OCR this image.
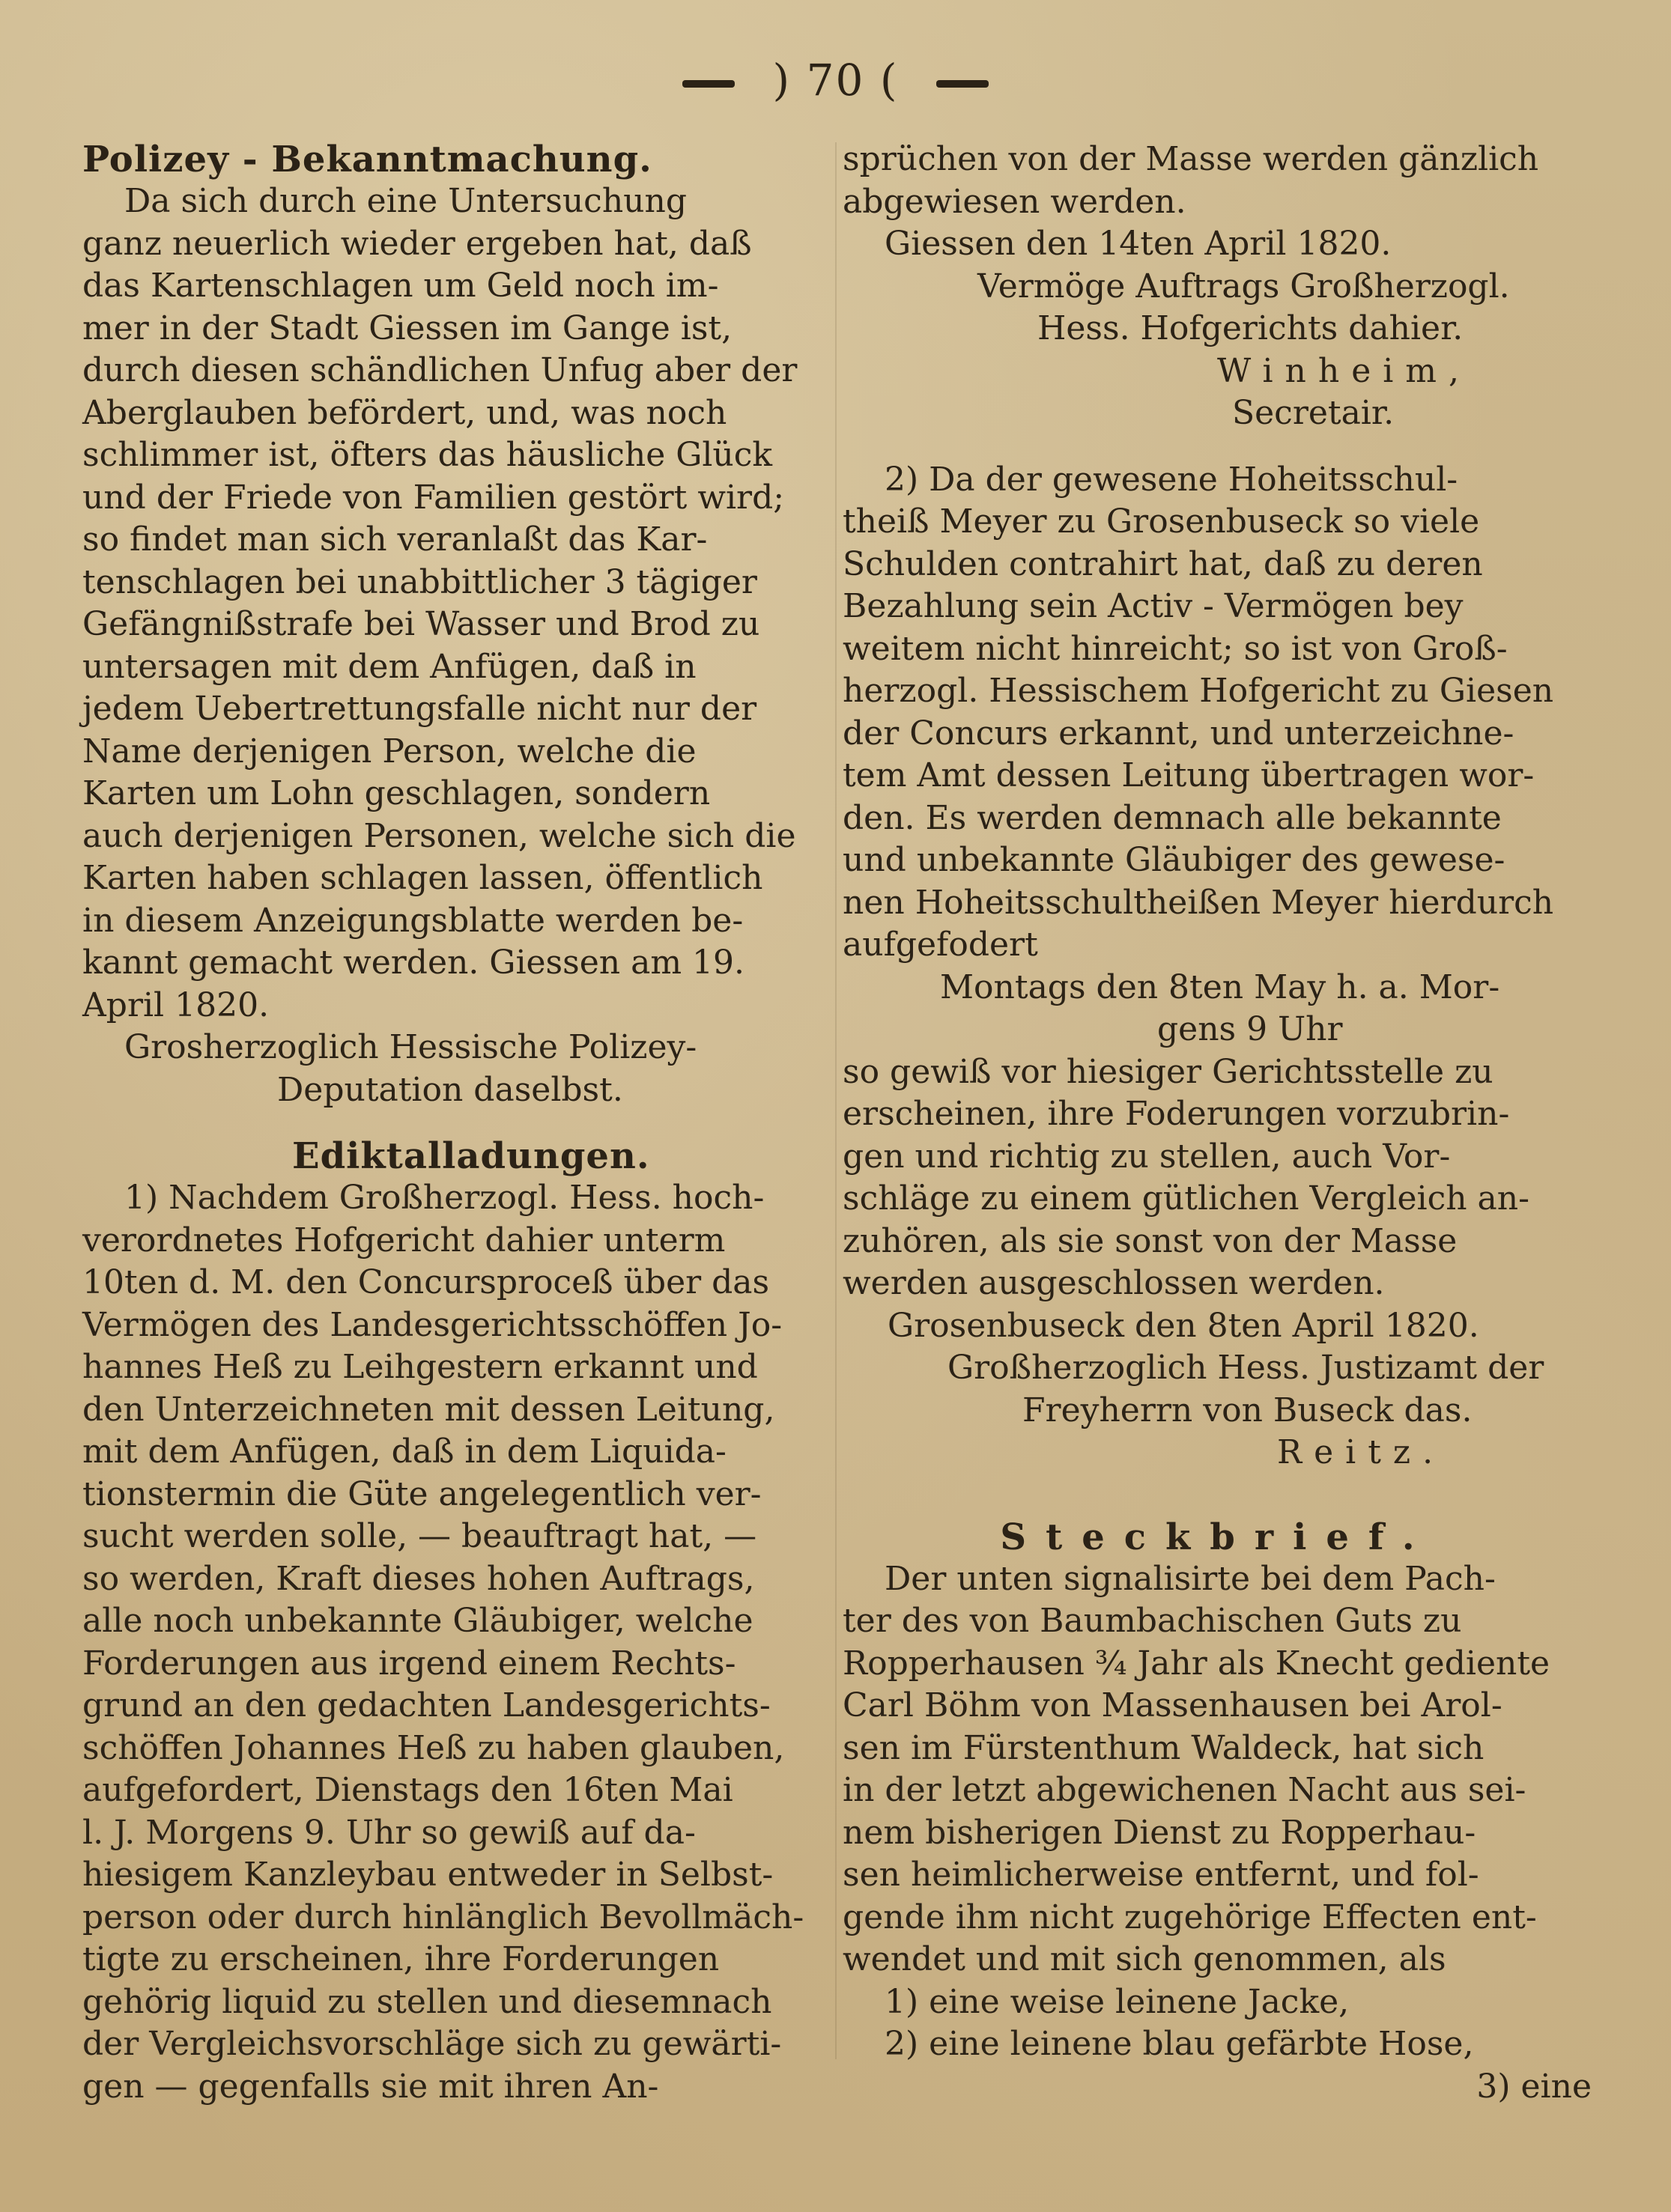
) 70 (
Polizey - Bekanntmachung.
Da sich durch eine Untersuchung
ganz neuerlich wieder ergeben hat, daß
das Kartenschlagen um Geld noch im-
mer in der Stadt Giessen im Gange ist,
durch diesen schändlichen Unfug aber der
Aberglauben befördert, und, was noch
schlimmer ist, öfters das häusliche Glück
und der Friede von Familien gestört wird;
so findet man sich veranlaßt das Kar-
tenschlagen bei unabbittlicher 3 tägiger
Gefängnißstrafe bei Wasser und Brod zu
untersagen mit dem Anfügen, daß in
jedem Uebertrettungsfalle nicht nur der
Name derjenigen Person, welche die
Karten um Lohn geschlagen, sondern
auch derjenigen Personen, welche sich die
Karten haben schlagen lassen, öffentlich
in diesem Anzeigungsblatte werden be-
kannt gemacht werden. Giessen am 19.
April 1820.
Grosherzoglich Hessische Polizey-
Deputation daselbst.
Ediktalladungen.
1) Nachdem Großherzogl. Hess. hoch-
verordnetes Hofgericht dahier unterm
10ten d. M. den Concursproceß über das
Vermögen des Landesgerichtsschöffen Jo-
hannes Heß zu Leihgestern erkannt und
den Unterzeichneten mit dessen Leitung,
mit dem Anfügen, daß in dem Liquida-
tionstermin die Güte angelegentlich ver-
sucht werden solle, — beauftragt hat, —
so werden, Kraft dieses hohen Auftrags,
alle noch unbekannte Gläubiger, welche
Forderungen aus irgend einem Rechts-
grund an den gedachten Landesgerichts-
schöffen Johannes Heß zu haben glauben,
aufgefordert, Dienstags den 16ten Mai
l. J. Morgens 9. Uhr so gewiß auf da-
hiesigem Kanzleybau entweder in Selbst-
person oder durch hinlänglich Bevollmäch-
tigte zu erscheinen, ihre Forderungen
gehörig liquid zu stellen und diesemnach
der Vergleichsvorschläge sich zu gewärti-
gen — gegenfalls sie mit ihren An-
sprüchen von der Masse werden gänzlich
abgewiesen werden.
Giessen den 14ten April 1820.
Vermöge Auftrags Großherzogl.
Hess. Hofgerichts dahier.
Winheim,
Secretair.
2) Da der gewesene Hoheitsschul-
theiß Meyer zu Grosenbuseck so viele
Schulden contrahirt hat, daß zu deren
Bezahlung sein Activ - Vermögen bey
weitem nicht hinreicht; so ist von Groß-
herzogl. Hessischem Hofgericht zu Giesen
der Concurs erkannt, und unterzeichne-
tem Amt dessen Leitung übertragen wor-
den. Es werden demnach alle bekannte
und unbekannte Gläubiger des gewese-
nen Hoheitsschultheißen Meyer hierdurch
aufgefodert
Montags den 8ten May h. a. Mor-
gens 9 Uhr
so gewiß vor hiesiger Gerichtsstelle zu
erscheinen, ihre Foderungen vorzubrin-
gen und richtig zu stellen, auch Vor-
schläge zu einem gütlichen Vergleich an-
zuhören, als sie sonst von der Masse
werden ausgeschlossen werden.
Grosenbuseck den 8ten April 1820.
Großherzoglich Hess. Justizamt der
Freyherrn von Buseck das.
Reitz.
Steckbrief.
Der unten signalisirte bei dem Pach-
ter des von Baumbachischen Guts zu
Ropperhausen ¾ Jahr als Knecht gediente
Carl Böhm von Massenhausen bei Arol-
sen im Fürstenthum Waldeck, hat sich
in der letzt abgewichenen Nacht aus sei-
nem bisherigen Dienst zu Ropperhau-
sen heimlicherweise entfernt, und fol-
gende ihm nicht zugehörige Effecten ent-
wendet und mit sich genommen, als
1) eine weise leinene Jacke,
2) eine leinene blau gefärbte Hose,
3) eine
